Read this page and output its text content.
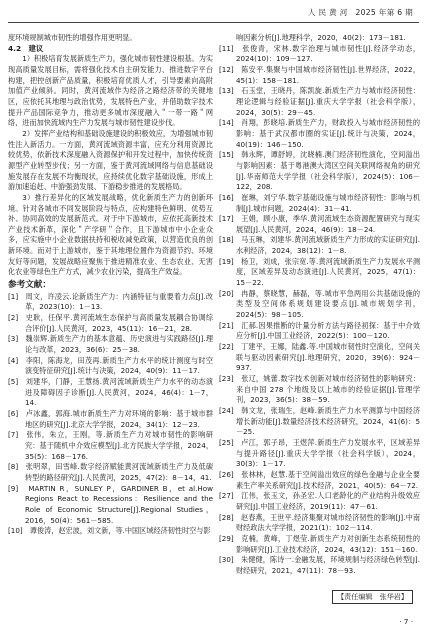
人 民 黄 河　2025 年第 6 期

度环境规制城市韧性的增强作用更明显。

4.2　建议

1）积极培育发展新质生产力，强化城市韧性建设根基。为实现高质量发展目标，需将强化技术自主研发能力、推进数字平台构建，把控创新产品质量，积极培育优质人才，引导要素向高附加值产业倾斜。同时，黄河流域作为经济之路经济带的关键地区，应依托其地理与政治优势，发展特色产业，并借助数字技术提升产品国际竞争力，推动更多城市深度融入＂一带一路＂网络，进而加快流域内生产力发展与城市韧性建设步伐。

2）发挥产业结构和基础设施建设的积极效应，为增强城市韧性注入新活力。一方面，黄河流域资源丰富，应充分利用资源比较优势，依新技术深度融入资源保护和开发过程中，加快传统资源型产业转型步伐；另一方面，鉴于黄河流域网络与信息基础设施发展存在发展不均衡现状，应持续优化数字基础设施，形成上游加速追赶、中游强劲发展、下游稳步推进的发展格局。

3）推行差异化的区域发展战略，优化新质生产力的创新环境。针对各城市不同发展阶段与特点，应构建特色鲜明、优势互补、协同高效的发展新范式。对于中下游城市，应依托高新技术产业技术新革，深化＂产学研＂合作，且下游城市中小企业众多，应实施中小企业数据扶持和税收减免政策，以营造优良的创新环境。而对于上游城市，鉴于其地理位置作为资源节约、环境友好等问题，发展战略应聚焦于推进精准农业、生态农业、无害化农业等绿色生产方式，减少农业污染，提高生产效益。

参考文献：

[1]　周文，许凌云.论新质生产力：内涵特征与重要着力点[J].改革，2023(10)：1－13.

[2]　史耿，任保平.黄河流域生态保护与高质量发展耦合协调综合评价[J].人民黄河，2023，45(11)：16－21，28.

[3]　魏崇辉.新质生产力的基本意蕴、历史演进与实践路径[J].理论与改革，2023，36(6)：25－38.

[4]　李阳，陈海龙，田茂再.新质生产力水平的统计测度与时空演变特征研究[J].统计与决策，2024，40(9)：11－17.

[5]　刘建华，门静，王慧扬.黄河流域新质生产力水平的动态演进及障碍因子诊断[J].人民黄河，2024，46(4)：1－7，14.

[6]　卢冰鑫，郭海.城市新质生产力对环境的影响：基于城市群地区的研究[J].北京大学学报，2024，34(1)：12－23.

[7]　张伟，朱立，王刚，等.新质生产力对城市韧性的影响研究：基于随机中介效应模型[J].北方民族大学学报，2024，35(5)：168－176.

[8]　张明翠，田雪峰.数字经济赋能黄河流域新质生产力及低碳转型的路径研究[J].人民黄河，2025，47(2)：8－14，41.

[9]　MARTIN R，SUNLEY P，GARDINER B，et al.How Regions React to Recessions：Resilience and the Role of Economic Structure[J].Regional Studies，2016，50(4)：561－585.

[10]　谭俊涛，赵宏波，刘文新，等.中国区域经济韧性时空与影

响因素分析[J].地理科学，2020，40(2)：173－181.

[11]　张俊青，宋林.数字治理与城市韧性[J].经济学动态，2024(10)：109－127.

[12]　陈安平.集聚与中国城市经济韧性[J].世界经济，2022，45(1)：158－181.

[13]　石玉堂，王晓丹，陈凯旋.新质生产力与城市经济韧性：理论逻辑与经验证据[J].重庆大学学报（社会科学版），2024，30(5)：29－45.

[14]　肖翔，彭晓培.新质生产力，财政投入与城市经济韧性的影响：基于武汉都市圈的实证[J].统计与决策，2024，40(19)：146－150.

[15]　韩永辉，谭舒婷，沈晓楠.澳门经济韧性演化，空间溢出与影响因素：基于粤港澳大湾区空间关联网络视角的研究[J].华南师范大学学报（社会科学版），2024(5)：106－122，208.

[16]　崔琳，刘宁华.数字基础设施与城市经济韧性：影响与机制[J].城市问题，2024(4)：31－41.

[17]　王娟，顾小康，季华.黄河流域生态资源配置研究与现实展望[J].人民黄河，2024，46(9)：18－24.

[18]　马玉琳，刘建华.黄河流域新质生产力形成的实证研究[J].水利经济，2024，38(12)：1－8.

[19]　杨卫，刘成，张宗宽.等.黄河流域新质生产力发展水平测度，区域差异及动态演进[J].人民黄河，2025，47(1)：15－22.

[20]　冉静，蔡晓慧，赫磊，等.城市平急两用公共基础设施的类型及空间体系规划建设要点[J].城市规划学刊，2024(5)：98－105.

[21]　汇郝.因果推断的计量分析方法与路径初探：基于中介效应分析[J].中国工业经济，2022(5)：100－120.

[22]　丁建平，王娜，陆鑫.等.中国城市韧性时空演化，空间关联与驱动因素研究[J].地理研究，2020，39(6)：924－937.

[23]　张辽，姚蕾.数字技术创新对城市经济韧性的影响研究：来自中国 278 个地级及以上城市的经验证据[J].管理学刊，2023，36(5)：38－59.

[24]　韩文龙，张瑞生，赵峰.新质生产力水平测算与中国经济增长新动能[J].数量经济技术经济研究，2024，41(6)：5－25.

[25]　卢江，郭子昂，王煜萍.新质生产力发展水平，区域差异与提升路径[J].重庆大学学报（社会科学版），2024，30(3)：1－17.

[26]　张林林，赵慧.基于空间溢出效应的绿色金融与企业全要素生产率关系研究[J].技术经济，2021，40(5)：64－72.

[27]　江伟，张玉文，孙圣宏.人口老龄化的产业结构升级效应研究[J].中国工业经济，2019(11)：47－61.

[28]　赵春燕，王世平.经济集聚对城市经济韧性的影响[J].中南财经政法大学学报，2021(1)：102－114.

[29]　克楠，黄峰，丁煜莹.新质生产力对创新生态系统韧性的影响研究[J].工业技术经济，2024，43(12)：151－160.

[30]　朱健健，陈诗一.金融发展，环境规制与经济绿色转型[J].财经研究，2021，47(11)：78－93.

【责任编辑　张华岩】
· 7 ·
